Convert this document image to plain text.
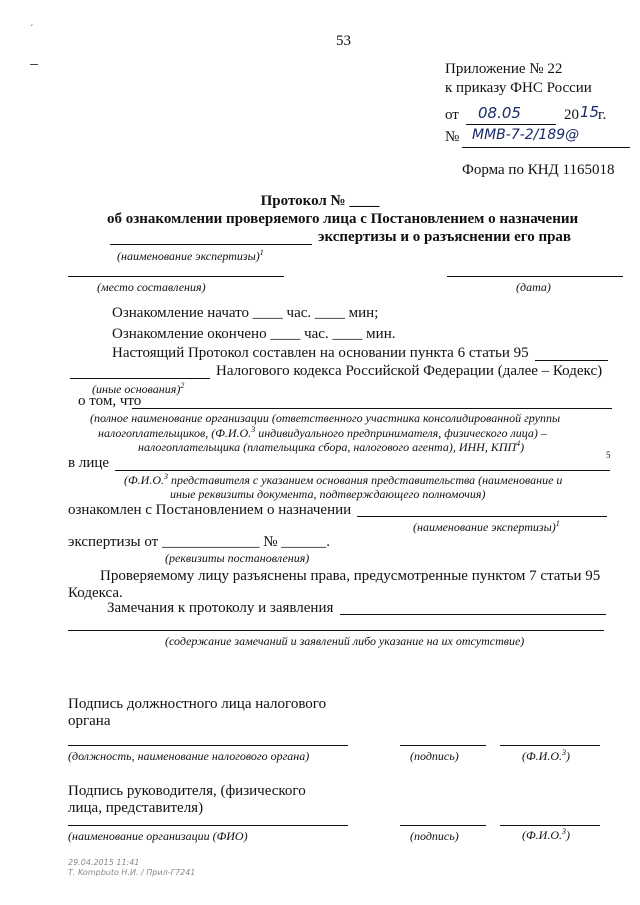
´
53
Приложение № 22
к приказу ФНС России
от 08.05	20 15
г.
№ ММВ-7-2/189@
Форма по КНД 1165018
Протокол № ____
об ознакомлении проверяемого лица с Постановлением о назначении
экспертизы и о разъяснении его прав
(наименование экспертизы)$^1$
(место составления)	(дата)
Ознакомление начато ____ час. ____ мин;
Ознакомление окончено ____ час. ____ мин.
Настоящий Протокол составлен на основании пункта 6 статьи 95
Налогового кодекса Российской Федерации (далее – Кодекс)
(иные основания)$^2$
о том, что
(полное наименование организации (ответственного участника консолидированной группы
налогоплательщиков, (Ф.И.О.$^3$ индивидуального предпринимателя, физического лица) –
налогоплательщика (плательщика сбора, налогового агента), ИНН, КПП$^4$)
в лице	5
(Ф.И.О.$^3$ представителя с указанием основания представительства (наименование и
иные реквизиты документа, подтверждающего полномочия)
ознакомлен с Постановлением о назначении
(наименование экспертизы)$^1$
экспертизы от _____________ № ______.
(реквизиты постановления)
Проверяемому лицу разъяснены права, предусмотренные пунктом 7 статьи 95
Кодекса.
Замечания к протоколу и заявления
(содержание замечаний и заявлений либо указание на их отсутствие)
Подпись должностного лица налогового
органа
(должность, наименование налогового органа)	(подпись)	(Ф.И.О.$^3$)
Подпись руководителя, (физического
лица, представителя)
(наименование организации (ФИО)	(подпись)	(Ф.И.О.$^3$)
29.04.2015 11:41
Т. Kompbuto Н.И. / Прил-Г7241
